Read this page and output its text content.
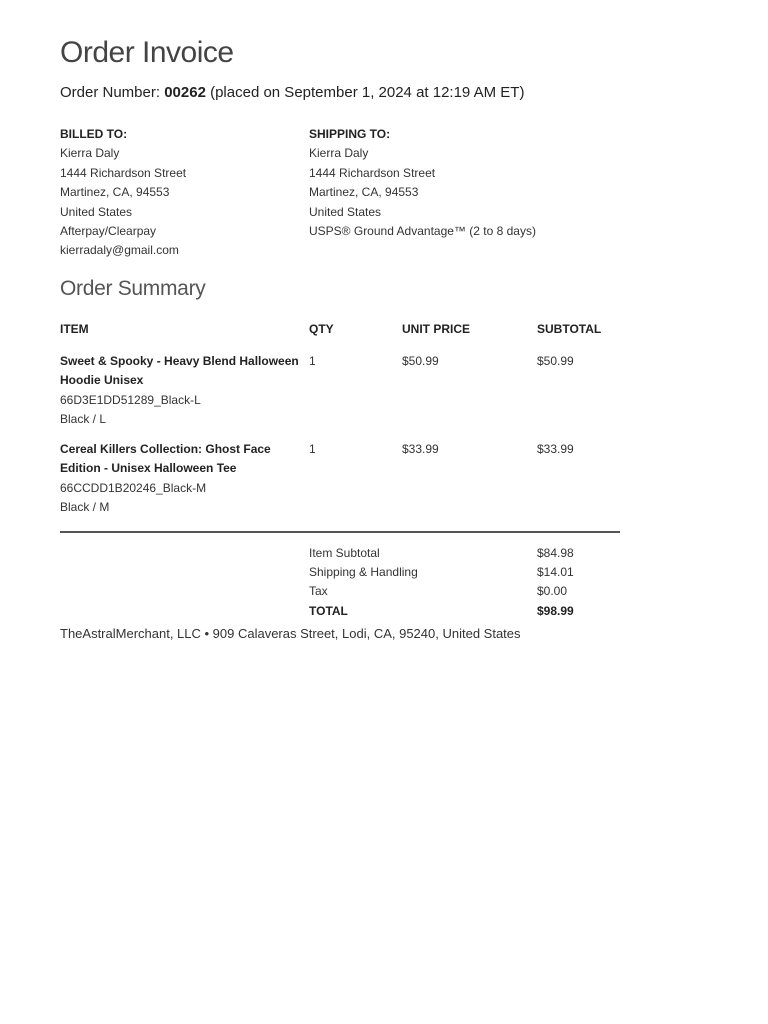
Order Invoice
Order Number: 00262 (placed on September 1, 2024 at 12:19 AM ET)
BILLED TO:
Kierra Daly
1444 Richardson Street
Martinez, CA, 94553
United States
Afterpay/Clearpay
kierradaly@gmail.com
SHIPPING TO:
Kierra Daly
1444 Richardson Street
Martinez, CA, 94553
United States
USPS® Ground Advantage™ (2 to 8 days)
Order Summary
ITEM	QTY	UNIT PRICE	SUBTOTAL
Sweet & Spooky - Heavy Blend Halloween
Hoodie Unisex
66D3E1DD51289_Black-L
Black / L
1	$50.99	$50.99
Cereal Killers Collection: Ghost Face
Edition - Unisex Halloween Tee
66CCDD1B20246_Black-M
Black / M
1	$33.99	$33.99
Item Subtotal	$84.98
Shipping & Handling	$14.01
Tax	$0.00
TOTAL	$98.99
TheAstralMerchant, LLC • 909 Calaveras Street, Lodi, CA, 95240, United States
